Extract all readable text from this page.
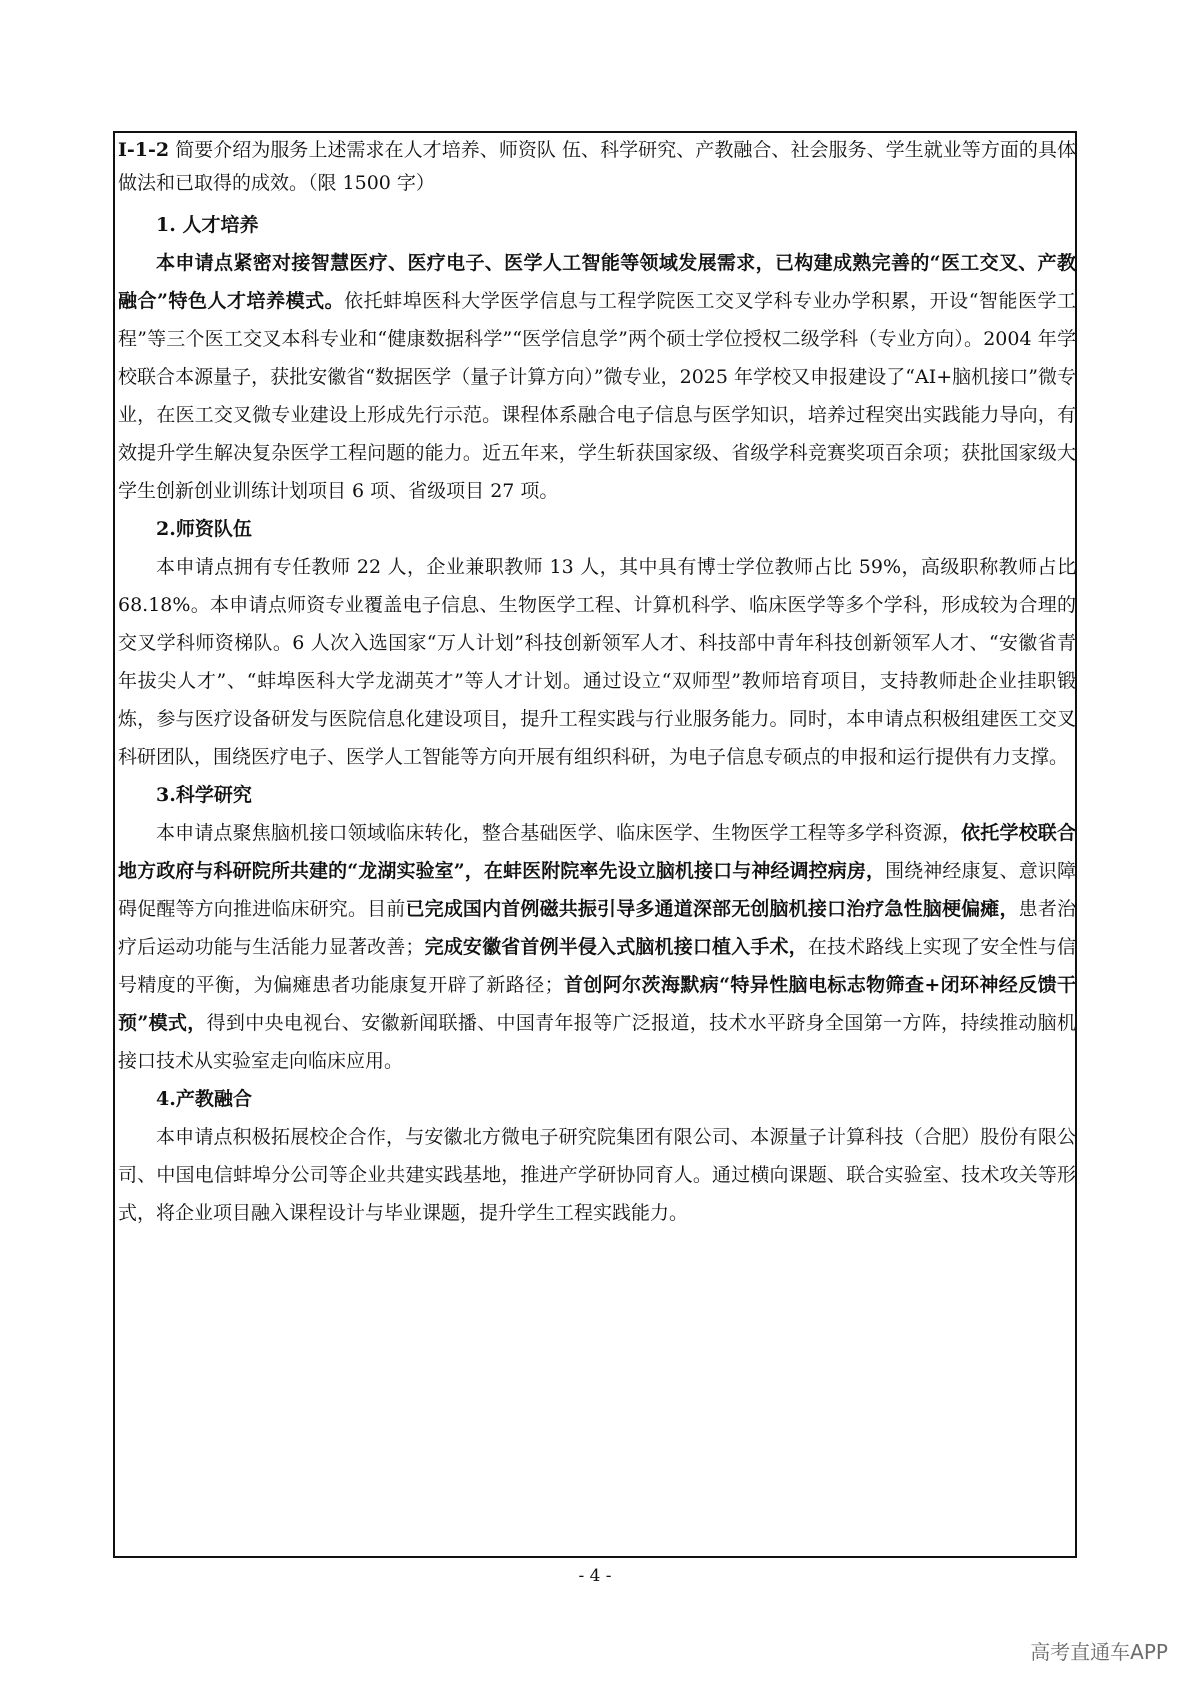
I-1-2 简要介绍为服务上述需求在人才培养、师资队 伍、科学研究、产教融合、社会服务、学生就业等方面的具体做法和已取得的成效。（限 1500 字）
1. 人才培养

本申请点紧密对接智慧医疗、医疗电子、医学人工智能等领域发展需求，已构建成熟完善的“医工交叉、产教融合”特色人才培养模式。依托蚌埠医科大学医学信息与工程学院医工交叉学科专业办学积累，开设“智能医学工程”等三个医工交叉本科专业和“健康数据科学”“医学信息学”两个硕士学位授权二级学科（专业方向）。2004 年学校联合本源量子，获批安徽省“数据医学（量子计算方向）”微专业，2025 年学校又申报建设了“AI+脑机接口”微专业，在医工交叉微专业建设上形成先行示范。课程体系融合电子信息与医学知识，培养过程突出实践能力导向，有效提升学生解决复杂医学工程问题的能力。近五年来，学生斩获国家级、省级学科竞赛奖项百余项；获批国家级大学生创新创业训练计划项目 6 项、省级项目 27 项。

2.师资队伍

本申请点拥有专任教师 22 人，企业兼职教师 13 人，其中具有博士学位教师占比 59%，高级职称教师占比 68.18%。本申请点师资专业覆盖电子信息、生物医学工程、计算机科学、临床医学等多个学科，形成较为合理的交叉学科师资梯队。6 人次入选国家“万人计划”科技创新领军人才、科技部中青年科技创新领军人才、“安徽省青年拔尖人才”、“蚌埠医科大学龙湖英才”等人才计划。通过设立“双师型”教师培育项目，支持教师赴企业挂职锻炼，参与医疗设备研发与医院信息化建设项目，提升工程实践与行业服务能力。同时，本申请点积极组建医工交叉科研团队，围绕医疗电子、医学人工智能等方向开展有组织科研，为电子信息专硕点的申报和运行提供有力支撑。

3.科学研究

本申请点聚焦脑机接口领域临床转化，整合基础医学、临床医学、生物医学工程等多学科资源，依托学校联合地方政府与科研院所共建的“龙湖实验室”，在蚌医附院率先设立脑机接口与神经调控病房，围绕神经康复、意识障碍促醒等方向推进临床研究。目前已完成国内首例磁共振引导多通道深部无创脑机接口治疗急性脑梗偏瘫，患者治疗后运动功能与生活能力显著改善；完成安徽省首例半侵入式脑机接口植入手术，在技术路线上实现了安全性与信号精度的平衡，为偏瘫患者功能康复开辟了新路径；首创阿尔茨海默病“特异性脑电标志物筛查+闭环神经反馈干预”模式，得到中央电视台、安徽新闻联播、中国青年报等广泛报道，技术水平跻身全国第一方阵，持续推动脑机接口技术从实验室走向临床应用。

4.产教融合

本申请点积极拓展校企合作，与安徽北方微电子研究院集团有限公司、本源量子计算科技（合肥）股份有限公司、中国电信蚌埠分公司等企业共建实践基地，推进产学研协同育人。通过横向课题、联合实验室、技术攻关等形式，将企业项目融入课程设计与毕业课题，提升学生工程实践能力。

- 4 -
高考直通车APP
